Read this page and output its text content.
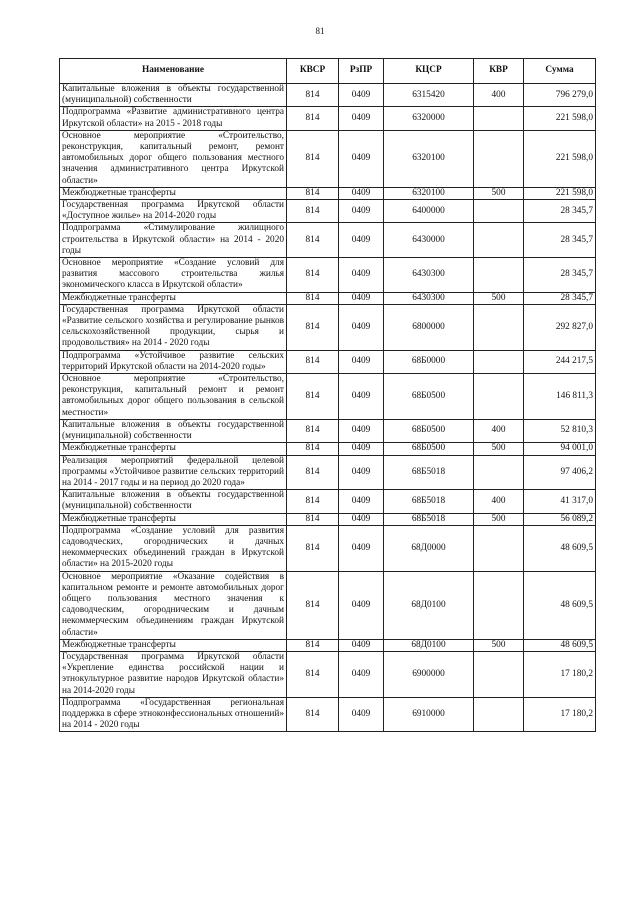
81
Наименование	КВСР	РзПР	КЦСР	КВР	Сумма
Капитальные вложения в объекты государственной (муниципальной) собственности	814	0409	6315420	400	796 279,0
Подпрограмма «Развитие административного центра Иркутской области» на 2015 - 2018 годы	814	0409	6320000		221 598,0
Основное мероприятие «Строительство, реконструкция, капитальный ремонт, ремонт автомобильных дорог общего пользования местного значения административного центра Иркутской области»	814	0409	6320100		221 598,0
Межбюджетные трансферты	814	0409	6320100	500	221 598,0
Государственная программа Иркутской области «Доступное жилье» на 2014-2020 годы	814	0409	6400000		28 345,7
Подпрограмма «Стимулирование жилищного строительства в Иркутской области» на 2014 - 2020 годы	814	0409	6430000		28 345,7
Основное мероприятие «Создание условий для развития массового строительства жилья экономического класса в Иркутской области»	814	0409	6430300		28 345,7
Межбюджетные трансферты	814	0409	6430300	500	28 345,7
Государственная программа Иркутской области «Развитие сельского хозяйства и регулирование рынков сельскохозяйственной продукции, сырья и продовольствия» на 2014 - 2020 годы	814	0409	6800000		292 827,0
Подпрограмма «Устойчивое развитие сельских территорий Иркутской области на 2014-2020 годы»	814	0409	68Б0000		244 217,5
Основное мероприятие «Строительство, реконструкция, капитальный ремонт и ремонт автомобильных дорог общего пользования в сельской местности»	814	0409	68Б0500		146 811,3
Капитальные вложения в объекты государственной (муниципальной) собственности	814	0409	68Б0500	400	52 810,3
Межбюджетные трансферты	814	0409	68Б0500	500	94 001,0
Реализация мероприятий федеральной целевой программы «Устойчивое развитие сельских территорий на 2014 - 2017 годы и на период до 2020 года»	814	0409	68Б5018		97 406,2
Капитальные вложения в объекты государственной (муниципальной) собственности	814	0409	68Б5018	400	41 317,0
Межбюджетные трансферты	814	0409	68Б5018	500	56 089,2
Подпрограмма «Создание условий для развития садоводческих, огороднических и дачных некоммерческих объединений граждан в Иркутской области» на 2015-2020 годы	814	0409	68Д0000		48 609,5
Основное мероприятие «Оказание содействия в капитальном ремонте и ремонте автомобильных дорог общего пользования местного значения к садоводческим, огородническим и дачным некоммерческим объединениям граждан Иркутской области»	814	0409	68Д0100		48 609,5
Межбюджетные трансферты	814	0409	68Д0100	500	48 609,5
Государственная программа Иркутской области «Укрепление единства российской нации и этнокультурное развитие народов Иркутской области» на 2014-2020 годы	814	0409	6900000		17 180,2
Подпрограмма «Государственная региональная поддержка в сфере этноконфессиональных отношений» на 2014 - 2020 годы	814	0409	6910000		17 180,2
